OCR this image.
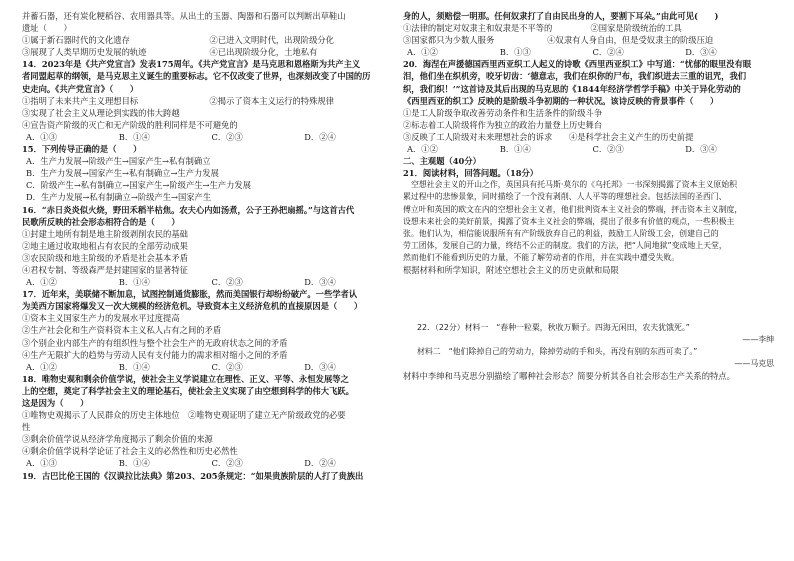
并蓄石器，还有炭化粳稻谷、农用器具等。从出土的玉器、陶器和石器可以判断出草鞋山
遗址（　　）
①属于新石器时代的文化遗存	②已进入文明时代，出现阶级分化
③展现了人类早期历史发展的轨迹	④已出现阶级分化，土地私有
14．2023年是《共产党宣言》发表175周年。《共产党宣言》是马克思和恩格斯为共产主义
者同盟起草的纲领，是马克思主义诞生的重要标志。它不仅改变了世界，也深刻改变了中国的历
史走向。《共产党宣言》（　　）
①指明了未来共产主义理想目标	②揭示了资本主义运行的特殊规律
③实现了社会主义从理论到实践的伟大跨越
④宣告资产阶级的灭亡和无产阶级的胜利同样是不可避免的
A．①③	B．①④	C．②③	D．②④
15．下列传导正确的是（　　）
A．生产力发展→阶级产生→国家产生→私有制确立
B．生产力发展→国家产生→私有制确立→生产力发展
C．阶级产生→私有制确立→国家产生→阶级产生→生产力发展
D．生产力发展→私有制确立→阶级产生→国家产生
16．“赤日炎炎似火烧，野田禾稻半枯焦。农夫心内如汤煮，公子王孙把扇摇。”与这首古代
民歌所反映的社会形态相符合的是（　　）
①封建土地所有制是地主阶级剥削农民的基础
②地主通过收取地租占有农民的全部劳动成果
③农民阶级和地主阶级的矛盾是社会基本矛盾
④君权专制、等级森严是封建国家的显著特征
A．①②	B．①④	C．②③	D．③④
17．近年来，美联储不断加息，试图控制通货膨胀，然而美国银行却纷纷破产。一些学者认
为美西方国家将爆发又一次大规模的经济危机。导致资本主义经济危机的直接原因是（　　）
①资本主义国家生产力的发展水平过度提高
②生产社会化和生产资料资本主义私人占有之间的矛盾
③个别企业内部生产的有组织性与整个社会生产的无政府状态之间的矛盾
④生产无限扩大的趋势与劳动人民有支付能力的需求相对缩小之间的矛盾
A．①②	B．①④	C．②③	D．③④
18．唯物史观和剩余价值学说，使社会主义学说建立在理性、正义、平等、永恒发展等之
上的空想，奠定了科学社会主义的理论基石，使社会主义实现了由空想到科学的伟大飞跃。
这是因为（　　）
①唯物史观揭示了人民群众的历史主体地位　②唯物史观证明了建立无产阶级政党的必要
性
③剩余价值学说从经济学角度揭示了剩余价值的来源
④剩余价值学说科学论证了社会主义的必然性和历史必然性
A．①③	B．①④	C．②③	D．②④
19．古巴比伦王国的《汉谟拉比法典》第203、205条规定：“如果贵族阶层的人打了贵族出
身的人，须赔偿一明那。任何奴隶打了自由民出身的人，要割下耳朵。”由此可见(　　)
①法律的制定对奴隶主和奴隶是不平等的	②国家是阶级统治的工具
③国家都只为少数人服务	④奴隶有人身自由，但是受奴隶主的阶级压迫
A．①②	B．①③	C．②④	D．③④
20．海涅在声援德国西里西亚织工人起义的诗歌《西里西亚织工》中写道：“忧郁的眼里没有眼
泪，他们坐在织机旁，咬牙切齿：‘德意志，我们在织你的尸布，我们织进去三重的诅咒，我们
织，我们织！’”这首诗及其后出现的马克思的《1844年经济学哲学手稿》中关于异化劳动的
《西里西亚的织工》反映的是阶级斗争初期的一种状况。该诗反映的背景事件（　　）
①是工人阶级争取改善劳动条件和生活条件的阶级斗争
②标志着工人阶级将作为独立的政治力量登上历史舞台
③反映了工人阶级对未来理想社会的诉求　　④是科学社会主义产生的历史前提
A．①②	B．①④	C．②③	D．③④
二、主观题（40分）
21．阅读材料，回答问题。（18分）
空想社会主义的开山之作，英国具有托马斯·莫尔的《乌托邦》一书深刻揭露了资本主义原始积
累过程中的悲惨景象，同时描绘了一个没有剥削、人人平等的理想社会。包括法国的圣西门、
傅立叶和英国的欧文在内的空想社会主义者，他们批判资本主义社会的弊端，抨击资本主义制度，
设想未来社会的美好前景，揭露了资本主义社会的弊端，提出了很多有价值的观点，一些积极主
张。他们认为，相信能说服所有有产阶级放弃自己的利益，鼓励工人阶级工会，创建自己的
劳工团体，发展自己的力量，终结不公正的制度。我们的方法，把“人间地狱”变成地上天堂，
然而他们不能看到历史的力量，不能了解劳动者的作用，并在实践中遭受失败。
根据材料和所学知识，附述空想社会主义的历史贡献和局限
22．（22分）材料一　“春种一粒粟，秋收万颗子。四海无闲田，农夫犹饿死。”
——李绅
材料二　“他们除掉自己的劳动力，除掉劳动的手和头，再没有别的东西可卖了。”
——马克思
材料中李绅和马克思分别描绘了哪种社会形态？简要分析其各自社会形态生产关系的特点。
